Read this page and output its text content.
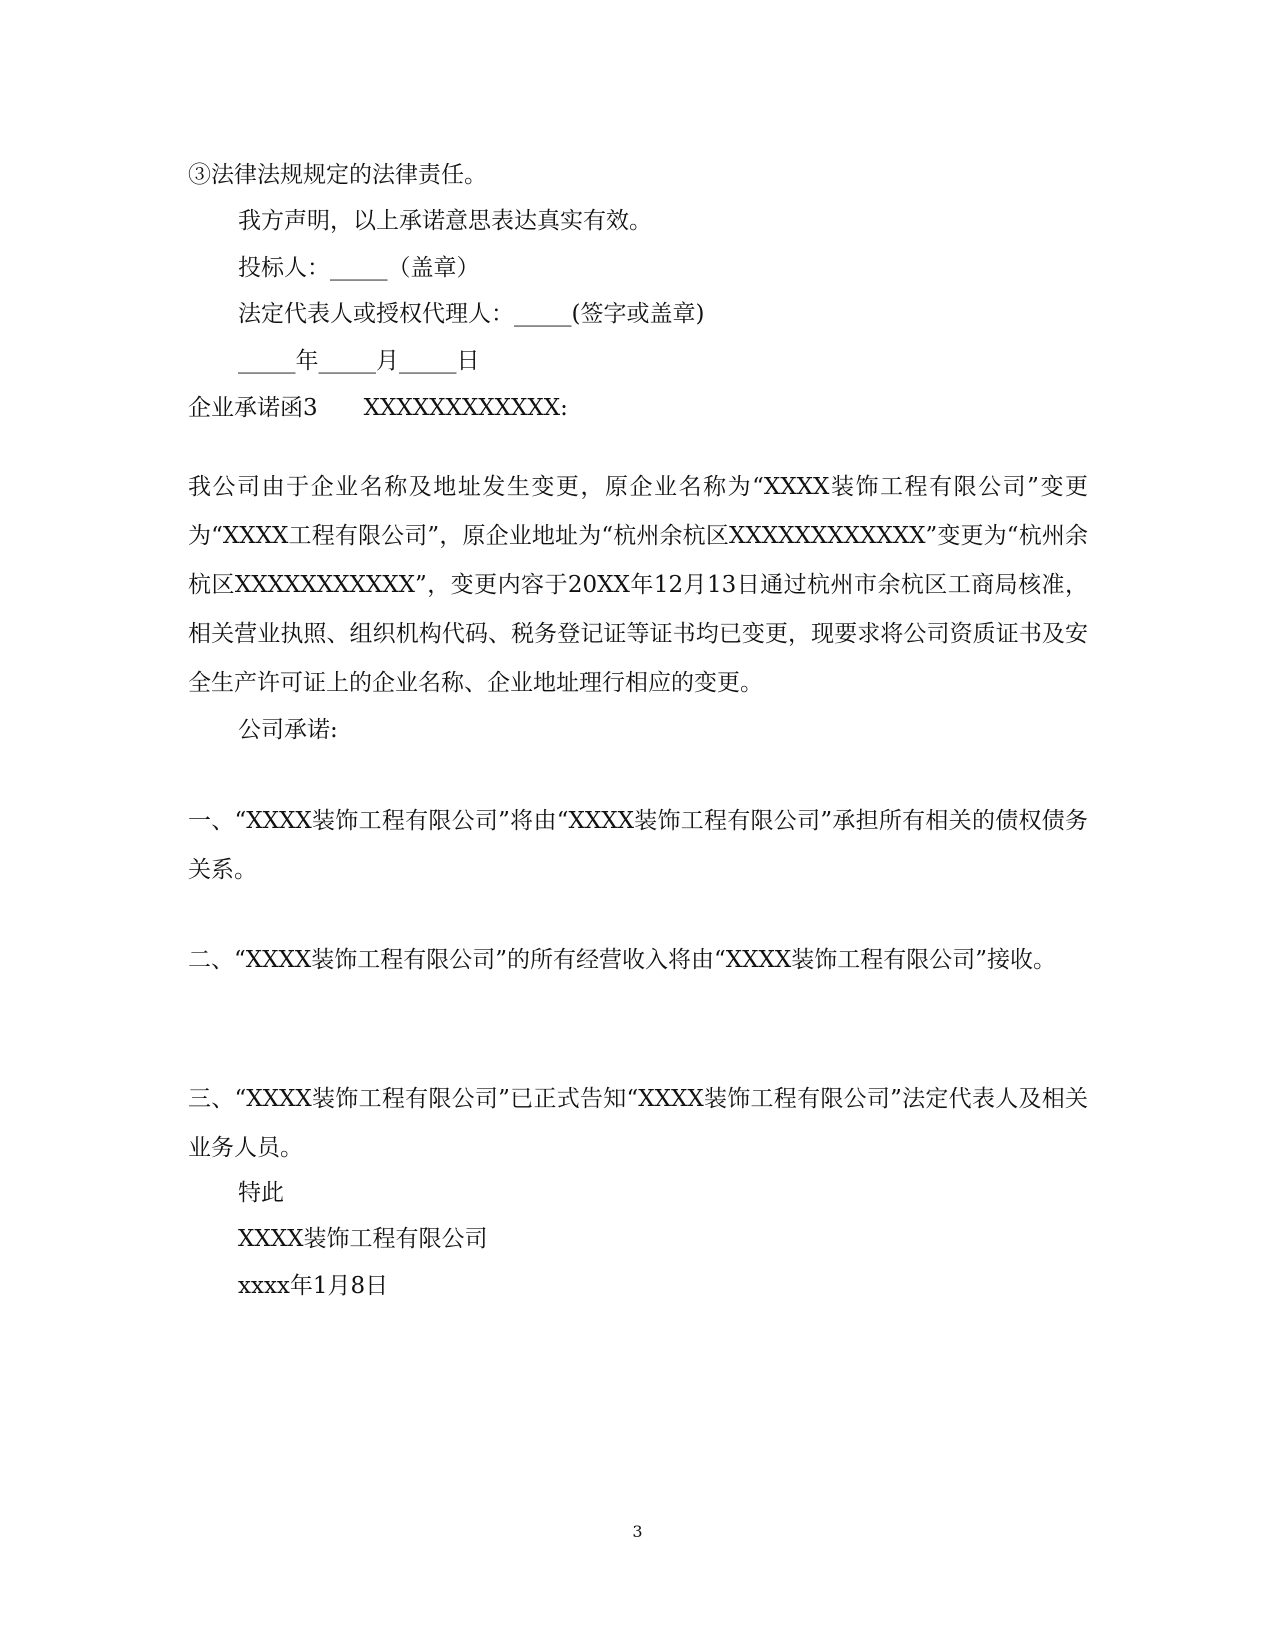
③法律法规规定的法律责任。
我方声明，以上承诺意思表达真实有效。
投标人：_____（盖章）
法定代表人或授权代理人：_____(签字或盖章)
_____年_____月_____日
企业承诺函3　　XXXXXXXXXXXX:
我公司由于企业名称及地址发生变更，原企业名称为“XXXX装饰工程有限公司”变更为“XXXX工程有限公司”，原企业地址为“杭州余杭区XXXXXXXXXXXX”变更为“杭州余杭区XXXXXXXXXXX”，变更内容于20XX年12月13日通过杭州市余杭区工商局核准，相关营业执照、组织机构代码、税务登记证等证书均已变更，现要求将公司资质证书及安全生产许可证上的企业名称、企业地址理行相应的变更。
公司承诺:
一、“XXXX装饰工程有限公司”将由“XXXX装饰工程有限公司”承担所有相关的债权债务关系。
二、“XXXX装饰工程有限公司”的所有经营收入将由“XXXX装饰工程有限公司”接收。
三、“XXXX装饰工程有限公司”已正式告知“XXXX装饰工程有限公司”法定代表人及相关业务人员。
特此
XXXX装饰工程有限公司
xxxx年1月8日
3
